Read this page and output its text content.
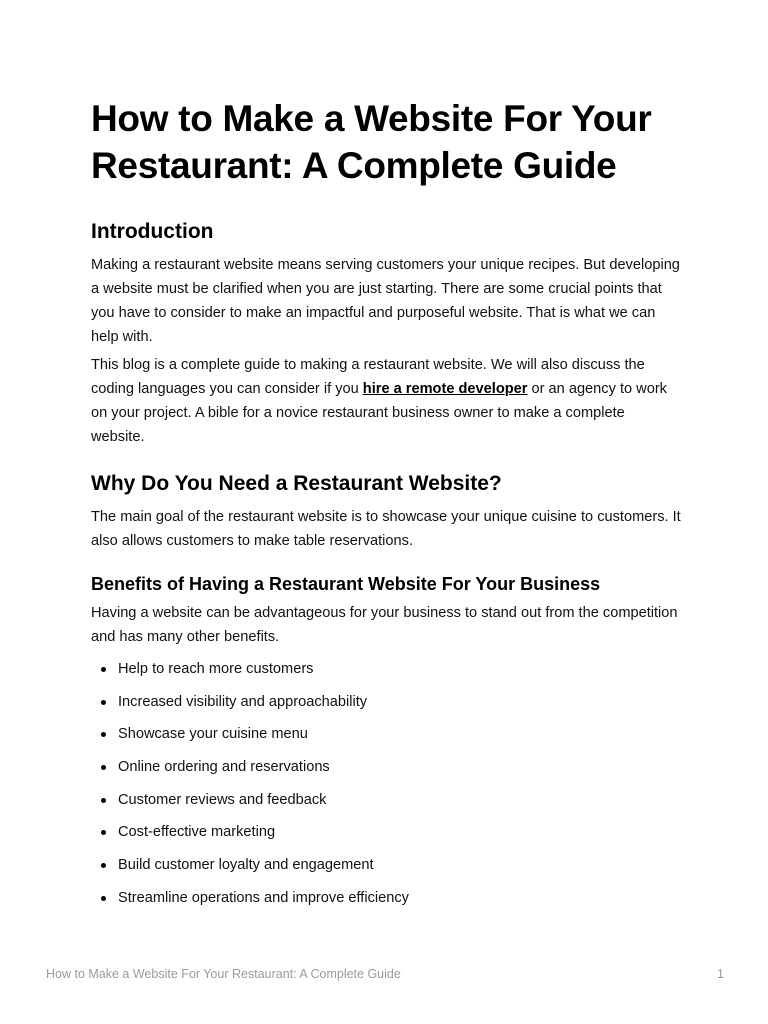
How to Make a Website For Your Restaurant: A Complete Guide
Introduction

Making a restaurant website means serving customers your unique recipes. But developing a website must be clarified when you are just starting. There are some crucial points that you have to consider to make an impactful and purposeful website. That is what we can help with.

This blog is a complete guide to making a restaurant website. We will also discuss the coding languages you can consider if you hire a remote developer or an agency to work on your project. A bible for a novice restaurant business owner to make a complete website.

Why Do You Need a Restaurant Website?

The main goal of the restaurant website is to showcase your unique cuisine to customers. It also allows customers to make table reservations.

Benefits of Having a Restaurant Website For Your Business

Having a website can be advantageous for your business to stand out from the competition and has many other benefits.

Help to reach more customers
Increased visibility and approachability
Showcase your cuisine menu
Online ordering and reservations
Customer reviews and feedback
Cost-effective marketing
Build customer loyalty and engagement
Streamline operations and improve efficiency
How to Make a Website For Your Restaurant: A Complete Guide	1
